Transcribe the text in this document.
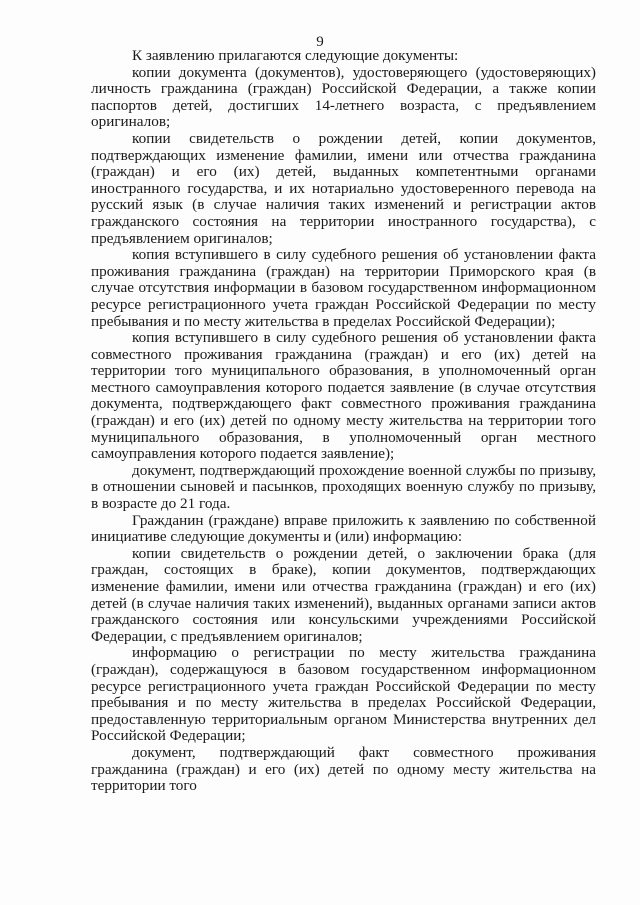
9

К заявлению прилагаются следующие документы:

копии документа (документов), удостоверяющего (удостоверяющих) личность гражданина (граждан) Российской Федерации, а также копии паспортов детей, достигших 14-летнего возраста, с предъявлением оригиналов;

копии свидетельств о рождении детей, копии документов, подтверждающих изменение фамилии, имени или отчества гражданина (граждан) и его (их) детей, выданных компетентными органами иностранного государства, и их нотариально удостоверенного перевода на русский язык (в случае наличия таких изменений и регистрации актов гражданского состояния на территории иностранного государства), с предъявлением оригиналов;

копия вступившего в силу судебного решения об установлении факта проживания гражданина (граждан) на территории Приморского края (в случае отсутствия информации в базовом государственном информационном ресурсе регистрационного учета граждан Российской Федерации по месту пребывания и по месту жительства в пределах Российской Федерации);

копия вступившего в силу судебного решения об установлении факта совместного проживания гражданина (граждан) и его (их) детей на территории того муниципального образования, в уполномоченный орган местного самоуправления которого подается заявление (в случае отсутствия документа, подтверждающего факт совместного проживания гражданина (граждан) и его (их) детей по одному месту жительства на территории того муниципального образования, в уполномоченный орган местного самоуправления которого подается заявление);

документ, подтверждающий прохождение военной службы по призыву, в отношении сыновей и пасынков, проходящих военную службу по призыву, в возрасте до 21 года.

Гражданин (граждане) вправе приложить к заявлению по собственной инициативе следующие документы и (или) информацию:

копии свидетельств о рождении детей, о заключении брака (для граждан, состоящих в браке), копии документов, подтверждающих изменение фамилии, имени или отчества гражданина (граждан) и его (их) детей (в случае наличия таких изменений), выданных органами записи актов гражданского состояния или консульскими учреждениями Российской Федерации, с предъявлением оригиналов;

информацию о регистрации по месту жительства гражданина (граждан), содержащуюся в базовом государственном информационном ресурсе регистрационного учета граждан Российской Федерации по месту пребывания и по месту жительства в пределах Российской Федерации, предоставленную территориальным органом Министерства внутренних дел Российской Федерации;

документ, подтверждающий факт совместного проживания гражданина (граждан) и его (их) детей по одному месту жительства на территории того
